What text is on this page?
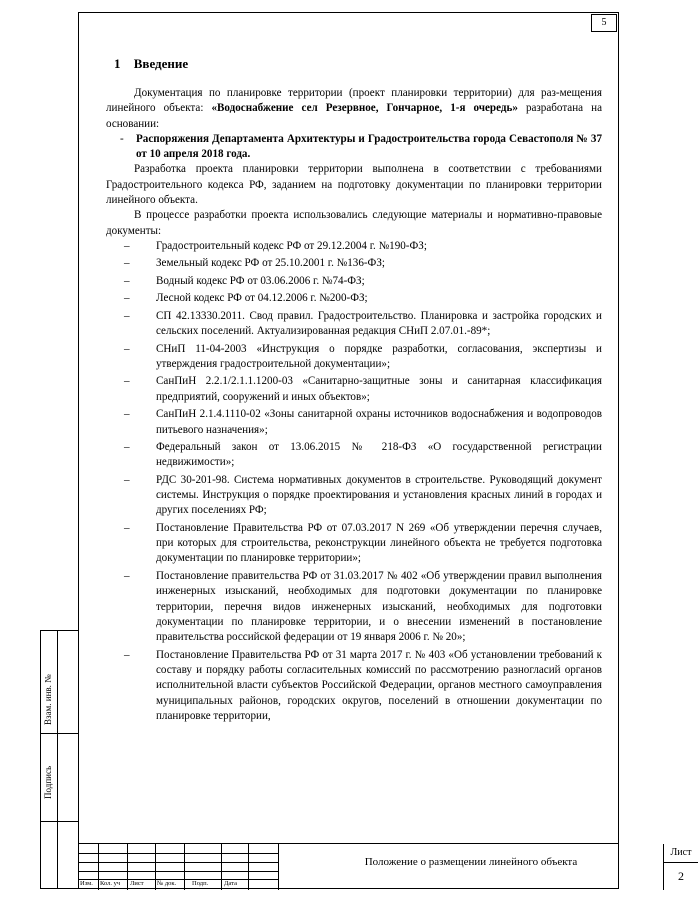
5
Взам. инв. №
Подпись
1 Введение

Документация по планировке территории (проект планировки территории) для раз-мещения линейного объекта: «Водоснабжение сел Резервное, Гончарное, 1-я очередь» разработана на основании:

- Распоряжения Департамента Архитектуры и Градостроительства города Севастополя № 37 от 10 апреля 2018 года.

Разработка проекта планировки территории выполнена в соответствии с требованиями Градостроительного кодекса РФ, заданием на подготовку документации по планировки территории линейного объекта.

В процессе разработки проекта использовались следующие материалы и нормативно-правовые документы:

– Градостроительный кодекс РФ от 29.12.2004 г. №190-ФЗ;
– Земельный кодекс РФ от 25.10.2001 г. №136-ФЗ;
– Водный кодекс РФ от 03.06.2006 г. №74-ФЗ;
– Лесной кодекс РФ от 04.12.2006 г. №200-ФЗ;
– СП 42.13330.2011. Свод правил. Градостроительство. Планировка и застройка городских и сельских поселений. Актуализированная редакция СНиП 2.07.01.-89*;
– СНиП 11-04-2003 «Инструкция о порядке разработки, согласования, экспертизы и утверждения градостроительной документации»;
– СанПиН 2.2.1/2.1.1.1200-03 «Санитарно-защитные зоны и санитарная классификация предприятий, сооружений и иных объектов»;
– СанПиН 2.1.4.1110-02 «Зоны санитарной охраны источников водоснабжения и водопроводов питьевого назначения»;
– Федеральный закон от 13.06.2015 № 218-ФЗ «О государственной регистрации недвижимости»;
– РДС 30-201-98. Система нормативных документов в строительстве. Руководящий документ системы. Инструкция о порядке проектирования и установления красных линий в городах и других поселениях РФ;
– Постановление Правительства РФ от 07.03.2017 N 269 «Об утверждении перечня случаев, при которых для строительства, реконструкции линейного объекта не требуется подготовка документации по планировке территории»;
– Постановление правительства РФ от 31.03.2017 № 402 «Об утверждении правил выполнения инженерных изысканий, необходимых для подготовки документации по планировке территории, перечня видов инженерных изысканий, необходимых для подготовки документации по планировке территории, и о внесении изменений в постановление правительства российской федерации от 19 января 2006 г. № 20»;
– Постановление Правительства РФ от 31 марта 2017 г. № 403 «Об установлении требований к составу и порядку работы согласительных комиссий по рассмотрению разногласий органов исполнительной власти субъектов Российской Федерации, органов местного самоуправления муниципальных районов, городских округов, поселений в отношении документации по планировке территории,
Изм. Кол. уч Лист № док. Подп. Дата
Положение о размещении линейного объекта
Лист
2
